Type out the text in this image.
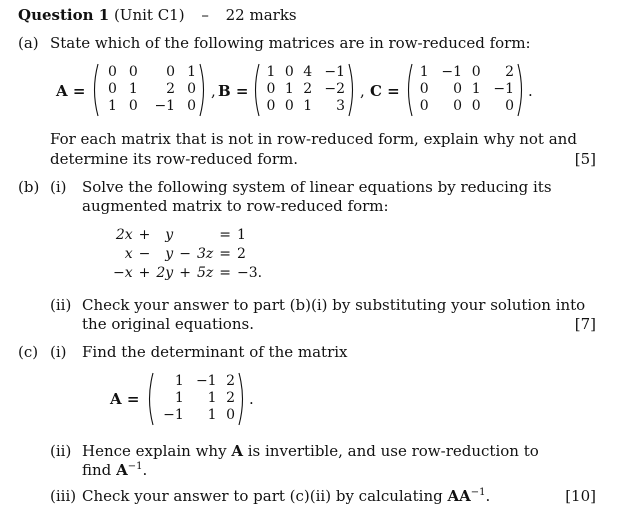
Question 1 (Unit C1) – 22 marks
(a) State which of the following matrices are in row-reduced form:
A =
0	0	0	1
0	1	2	0
1	0	−1	0
, B =
1	0	4	−1
0	1	2	−2
0	0	1	3
, C =
1	−1	0	2
0	0	1	−1
0	0	0	0
.
For each matrix that is not in row-reduced form, explain why not and
determine its row-reduced form.	[5]
(b) (i) Solve the following system of linear equations by reducing its
augmented matrix to row-reduced form:
2x	+	y			=	1
x	−	y	−	3z	=	2
−x	+	2y	+	5z	=	−3.
(ii) Check your answer to part (b)(i) by substituting your solution into
the original equations.	[7]
(c) (i) Find the determinant of the matrix
A =
1	−1	2
1	1	2
−1	1	0
.
(ii) Hence explain why A is invertible, and use row-reduction to
find $A^{-1}$.
(iii) Check your answer to part (c)(ii) by calculating $AA^{-1}$.	[10]
